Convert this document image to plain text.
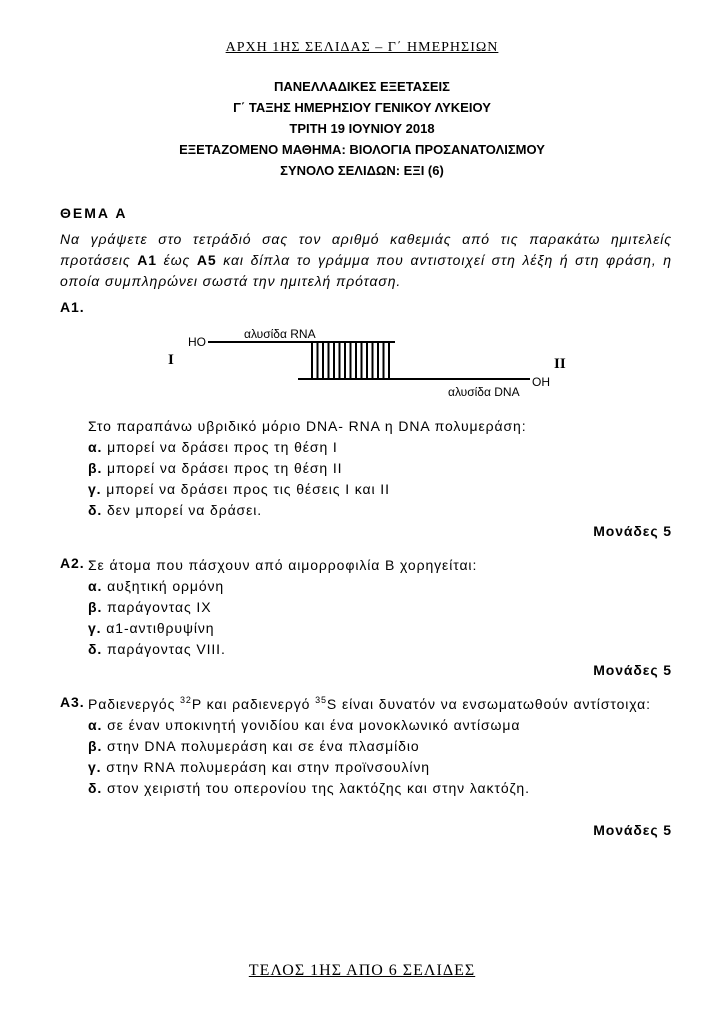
ΑΡΧΗ 1ΗΣ ΣΕΛΙΔΑΣ – Γ΄ ΗΜΕΡΗΣΙΩΝ
ΠΑΝΕΛΛΑΔΙΚΕΣ ΕΞΕΤΑΣΕΙΣ
Γ΄ ΤΑΞΗΣ ΗΜΕΡΗΣΙΟΥ ΓΕΝΙΚΟΥ ΛΥΚΕΙΟΥ
ΤΡΙΤΗ 19 ΙΟΥΝΙΟΥ 2018
ΕΞΕΤΑΖΟΜΕΝΟ ΜΑΘΗΜΑ: ΒΙΟΛΟΓΙΑ ΠΡΟΣΑΝΑΤΟΛΙΣΜΟΥ
ΣΥΝΟΛΟ ΣΕΛΙΔΩΝ: ΕΞΙ (6)
ΘΕΜΑ Α
Να γράψετε στο τετράδιό σας τον αριθμό καθεμιάς από τις παρακάτω ημιτελείς προτάσεις Α1 έως Α5 και δίπλα το γράμμα που αντιστοιχεί στη λέξη ή στη φράση, η οποία συμπληρώνει σωστά την ημιτελή πρόταση.
Α1.
HO
αλυσίδα RNA
I
OH
αλυσίδα DNA
II
Στο παραπάνω υβριδικό μόριο DNA- RNA η DNA πολυμεράση:
α. μπορεί να δράσει προς τη θέση Ι
β. μπορεί να δράσει προς τη θέση ΙΙ
γ. μπορεί να δράσει προς τις θέσεις Ι και ΙΙ
δ. δεν μπορεί να δράσει.
Μονάδες 5
Α2. Σε άτομα που πάσχουν από αιμορροφιλία Β χορηγείται:
α. αυξητική ορμόνη
β. παράγοντας ΙΧ
γ. α1-αντιθρυψίνη
δ. παράγοντας VIII.
Μονάδες 5
Α3. Ραδιενεργός $^{32}$P και ραδιενεργό $^{35}$S είναι δυνατόν να ενσωματωθούν αντίστοιχα:
α. σε έναν υποκινητή γονιδίου και ένα μονοκλωνικό αντίσωμα
β. στην DNA πολυμεράση και σε ένα πλασμίδιο
γ. στην RNA πολυμεράση και στην προϊνσουλίνη
δ. στον χειριστή του οπερονίου της λακτόζης και στην λακτόζη.
Μονάδες 5
ΤΕΛΟΣ 1ΗΣ ΑΠΟ 6 ΣΕΛΙΔΕΣ
